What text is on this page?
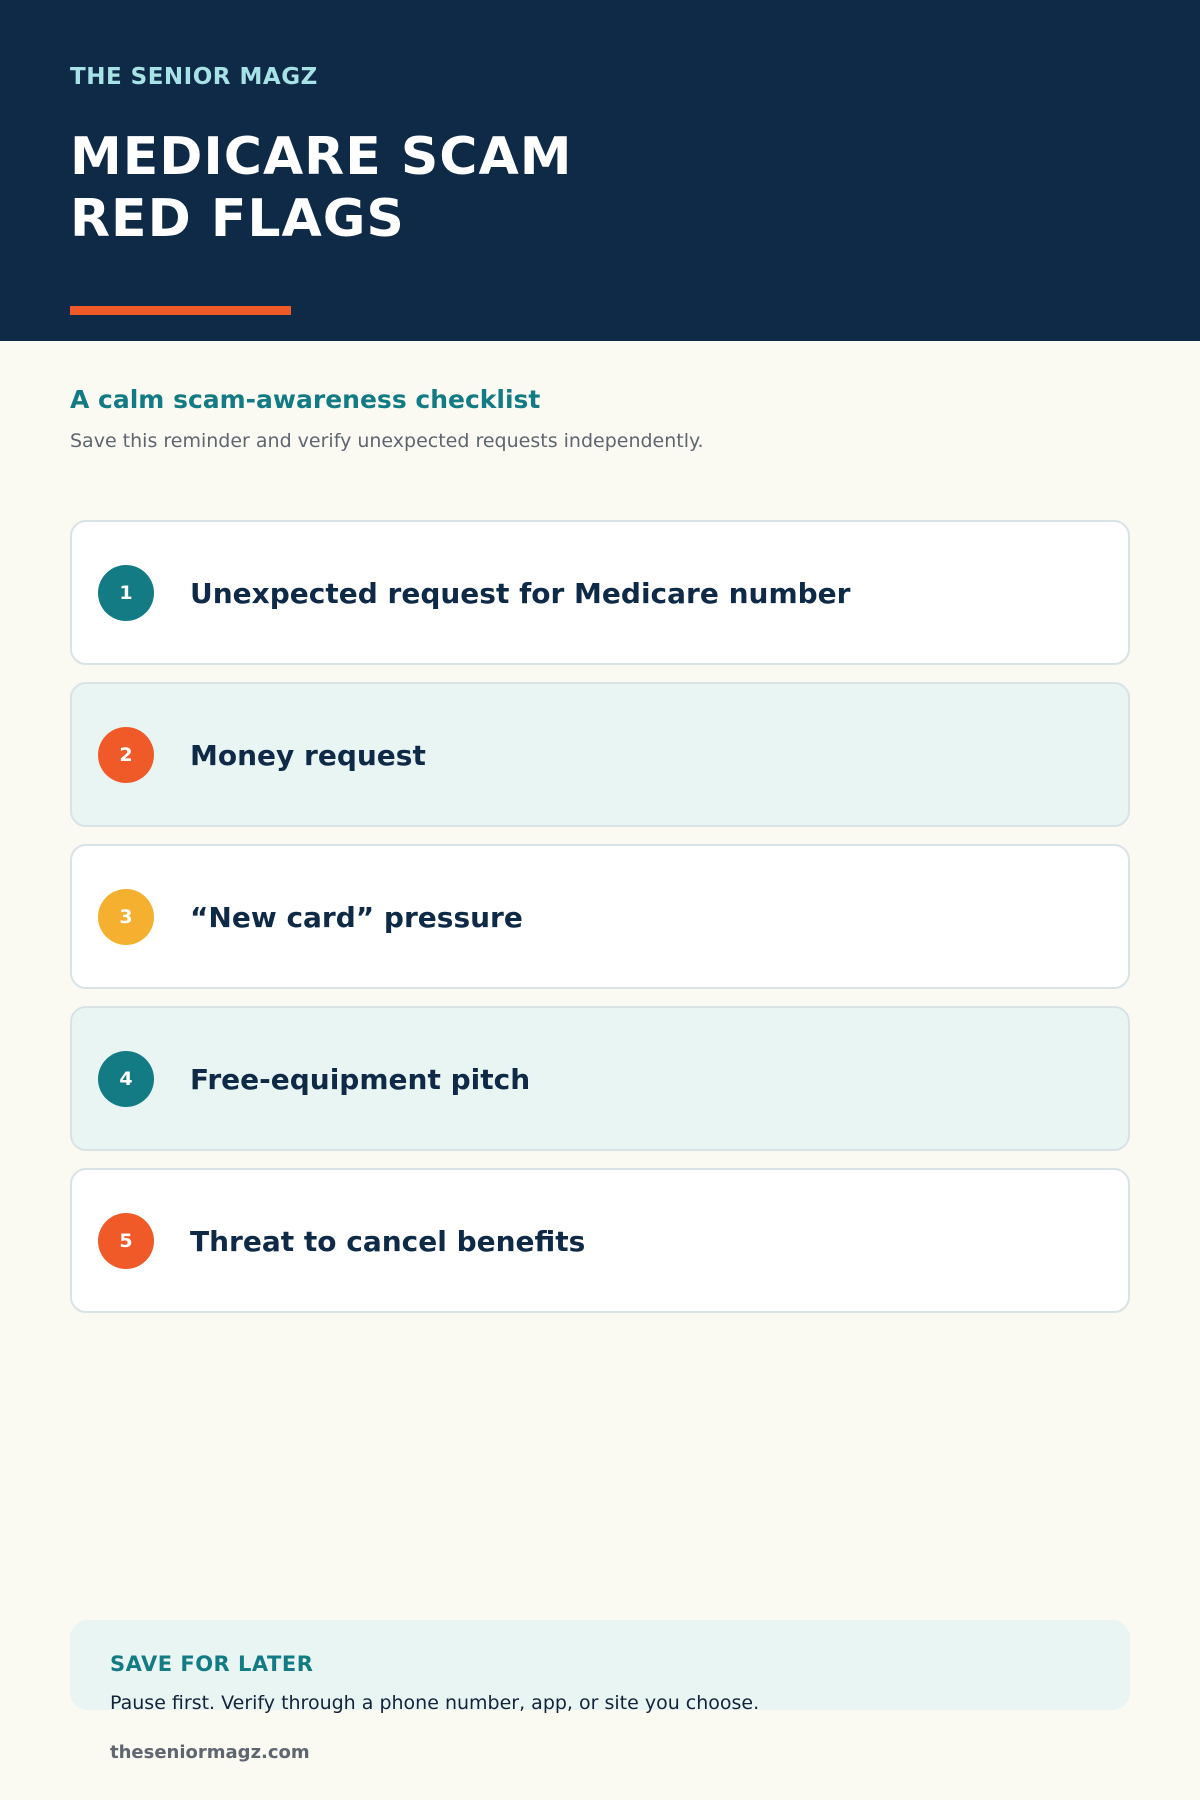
THE SENIOR MAGZ
MEDICARE SCAM
RED FLAGS
A calm scam-awareness checklist
Save this reminder and verify unexpected requests independently.
1	Unexpected request for Medicare number
2	Money request
3	“New card” pressure
4	Free-equipment pitch
5	Threat to cancel benefits
SAVE FOR LATER
Pause first. Verify through a phone number, app, or site you choose.
theseniormagz.com
